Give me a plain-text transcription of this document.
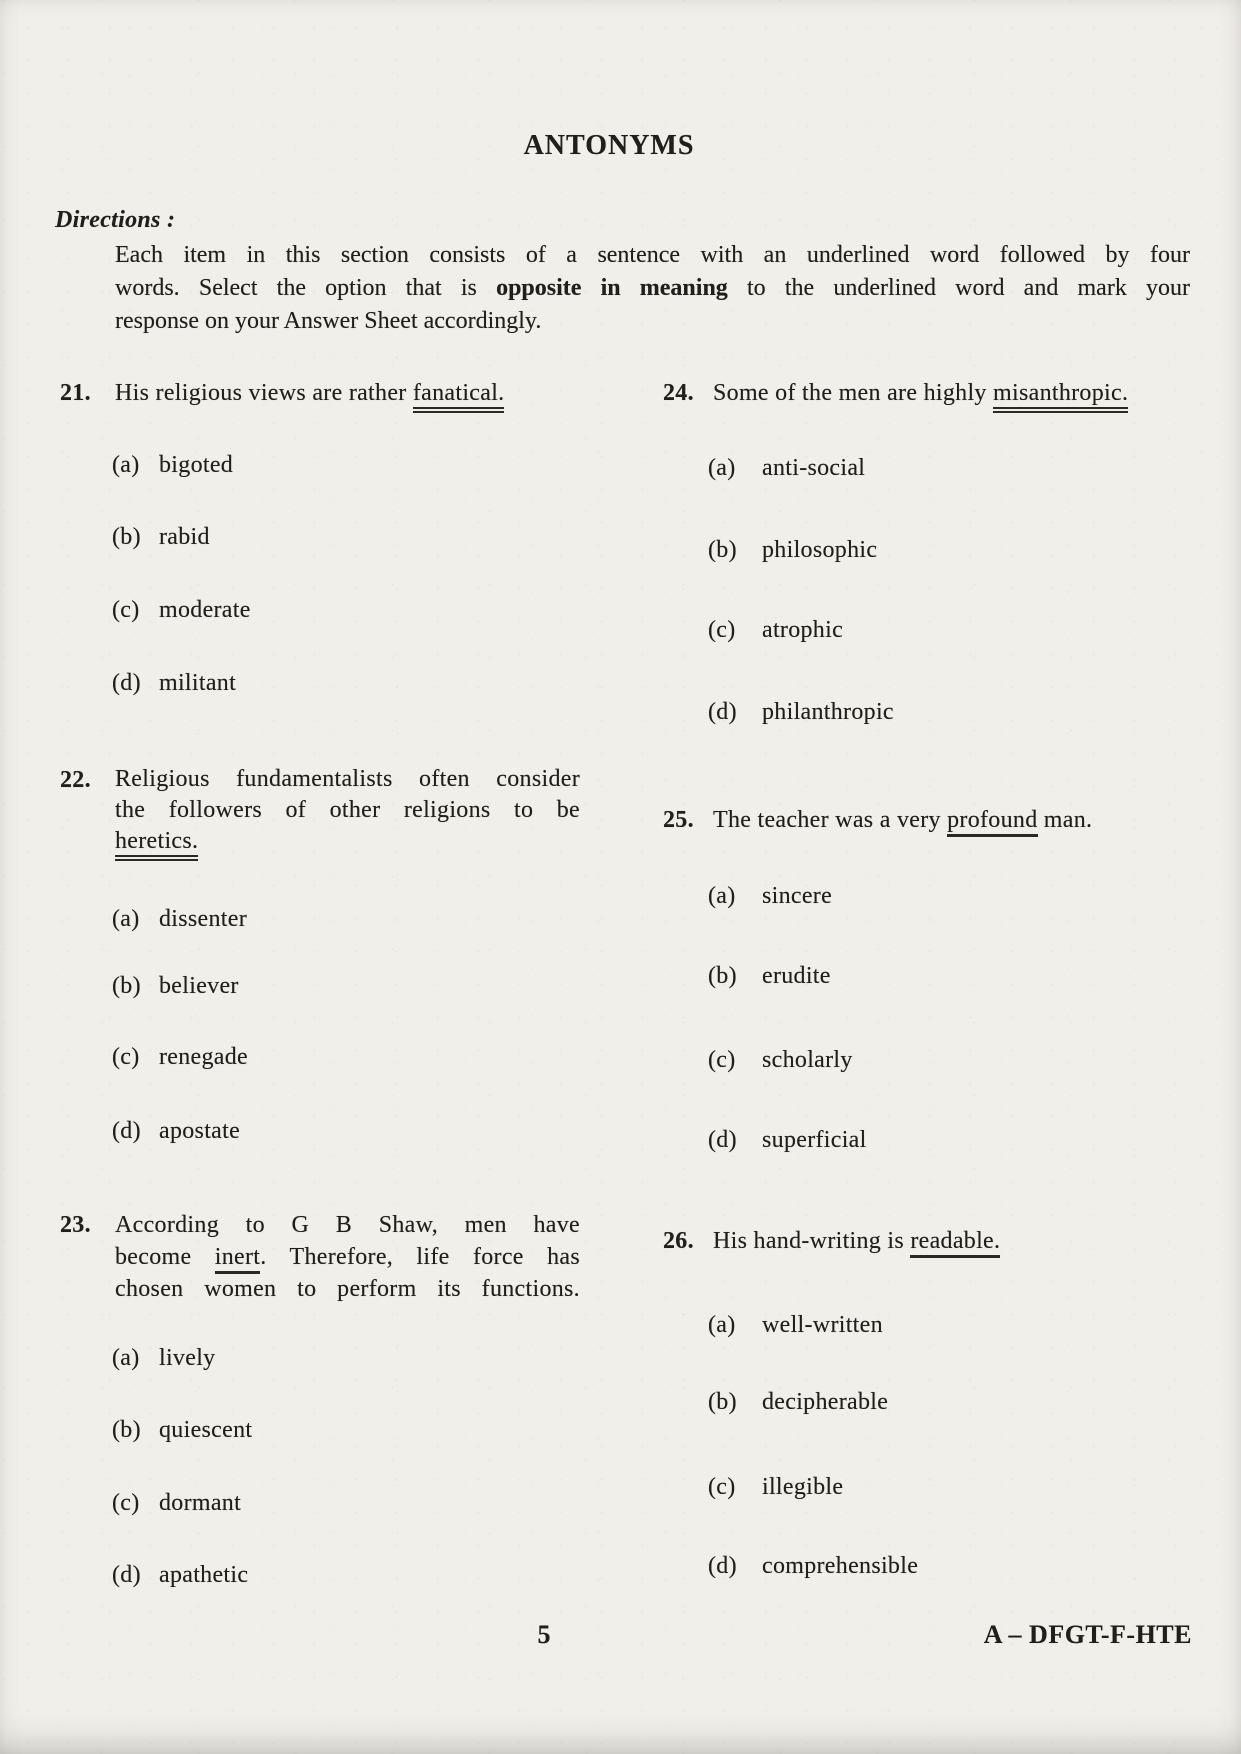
ANTONYMS
Directions :
Each item in this section consists of a sentence with an underlined word followed by four
words. Select the option that is opposite in meaning to the underlined word and mark your
response on your Answer Sheet accordingly.
21. His religious views are rather fanatical.
(a) bigoted
(b) rabid
(c) moderate
(d) militant
22. Religious fundamentalists often consider
the followers of other religions to be
heretics.
(a) dissenter
(b) believer
(c) renegade
(d) apostate
23. According to G B Shaw, men have
become inert. Therefore, life force has
chosen women to perform its functions.
(a) lively
(b) quiescent
(c) dormant
(d) apathetic
24. Some of the men are highly misanthropic.
(a)	anti-social
(b)	philosophic
(c)	atrophic
(d)	philanthropic
25. The teacher was a very profound man.
(a)	sincere
(b)	erudite
(c)	scholarly
(d)	superficial
26. His hand-writing is readable.
(a)	well-written
(b)	decipherable
(c)	illegible
(d)	comprehensible
5	A – DFGT-F-HTE
